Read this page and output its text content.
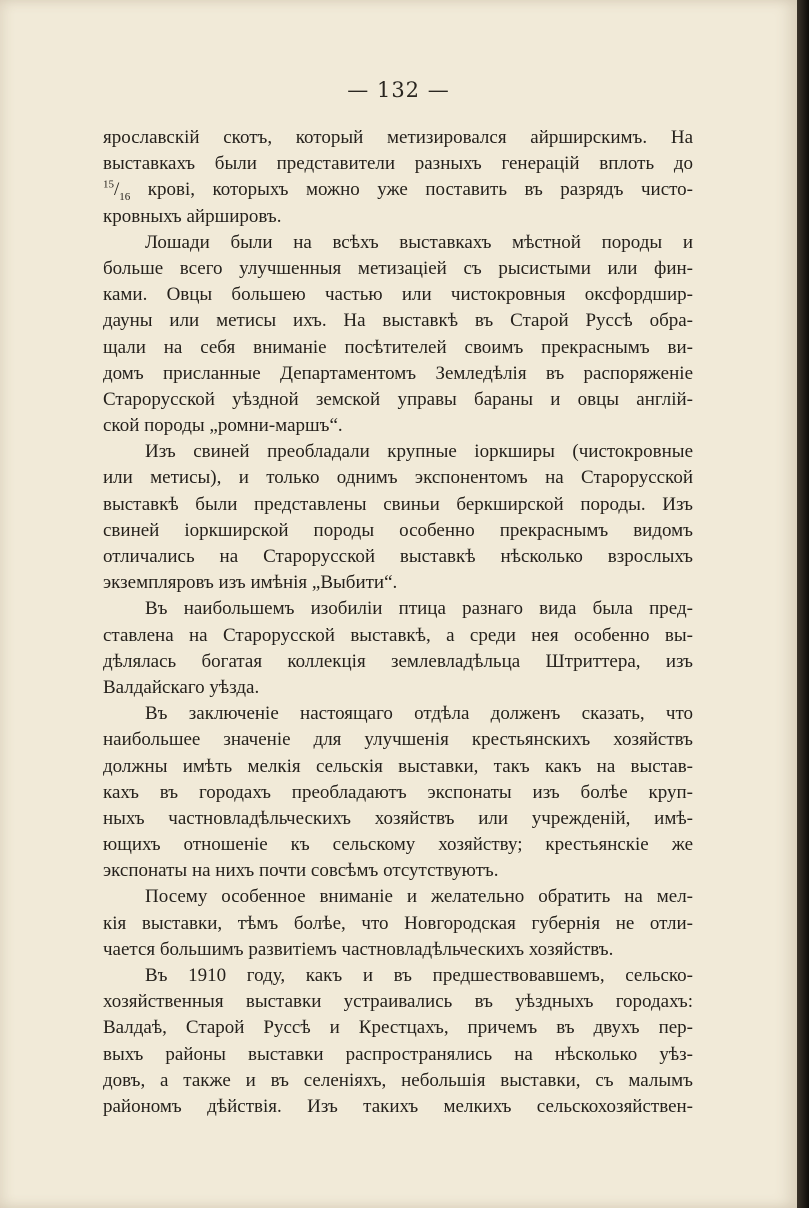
— 132 —
ярославскій скотъ, который метизировался айрширскимъ. На
выставкахъ были представители разныхъ генерацій вплоть до
$^{15}/_{16}$ кровi, которыхъ можно уже поставить въ разрядъ чисто-
кровныхъ айршировъ.
Лошади были на всѣхъ выставкахъ мѣстной породы и
больше всего улучшенныя метизаціей съ рысистыми или фин-
ками. Овцы большею частью или чистокровныя оксфордшир-
дауны или метисы ихъ. На выставкѣ въ Старой Руссѣ обра-
щали на себя вниманіе посѣтителей своимъ прекраснымъ ви-
домъ присланные Департаментомъ Земледѣлія въ распоряженіе
Старорусской уѣздной земской управы бараны и овцы англій-
ской породы „ромни-маршъ“.
Изъ свиней преобладали крупные іоркширы (чистокровные
или метисы), и только однимъ экспонентомъ на Старорусской
выставкѣ были представлены свиньи беркширской породы. Изъ
свиней іоркширской породы особенно прекраснымъ видомъ
отличались на Старорусской выставкѣ нѣсколько взрослыхъ
экземпляровъ изъ имѣнія „Выбити“.
Въ наибольшемъ изобиліи птица разнаго вида была пред-
ставлена на Старорусской выставкѣ, а среди нея особенно вы-
дѣлялась богатая коллекція землевладѣльца Штриттера, изъ
Валдайскаго уѣзда.
Въ заключеніе настоящаго отдѣла долженъ сказать, что
наибольшее значеніе для улучшенія крестьянскихъ хозяйствъ
должны имѣть мелкія сельскія выставки, такъ какъ на выстав-
кахъ въ городахъ преобладаютъ экспонаты изъ болѣе круп-
ныхъ частновладѣльческихъ хозяйствъ или учрежденій, имѣ-
ющихъ отношеніе къ сельскому хозяйству; крестьянскіе же
экспонаты на нихъ почти совсѣмъ отсутствуютъ.
Посему особенное вниманіе и желательно обратить на мел-
кія выставки, тѣмъ болѣе, что Новгородская губернія не отли-
чается большимъ развитіемъ частновладѣльческихъ хозяйствъ.
Въ 1910 году, какъ и въ предшествовавшемъ, сельско-
хозяйственныя выставки устраивались въ уѣздныхъ городахъ:
Валдаѣ, Старой Руссѣ и Крестцахъ, причемъ въ двухъ пер-
выхъ районы выставки распространялись на нѣсколько уѣз-
довъ, а также и въ селеніяхъ, небольшія выставки, съ малымъ
райономъ дѣйствія. Изъ такихъ мелкихъ сельскохозяйствен-
